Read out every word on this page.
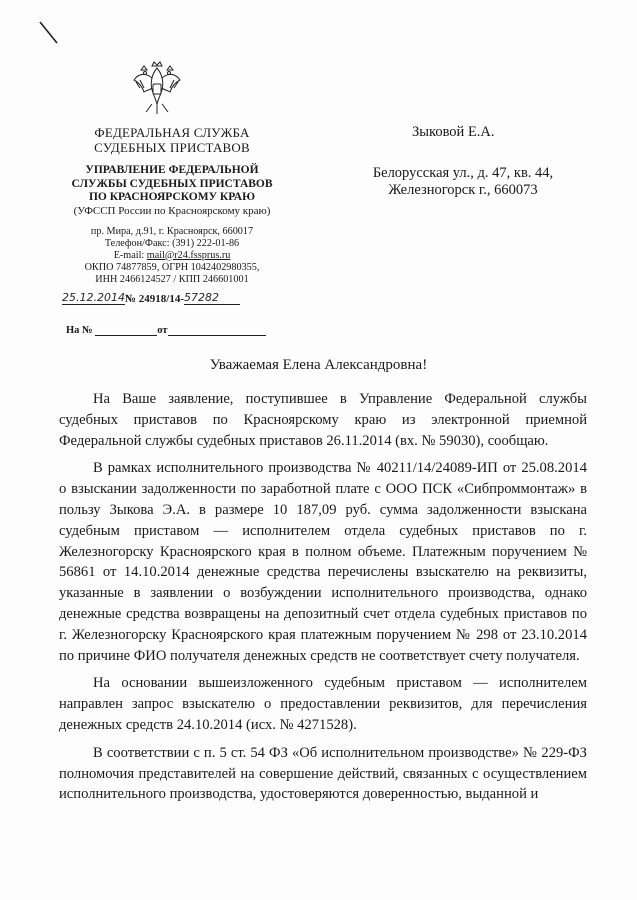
ФЕДЕРАЛЬНАЯ СЛУЖБА
СУДЕБНЫХ ПРИСТАВОВ
УПРАВЛЕНИЕ ФЕДЕРАЛЬНОЙ
СЛУЖБЫ СУДЕБНЫХ ПРИСТАВОВ
ПО КРАСНОЯРСКОМУ КРАЮ
(УФССП России по Красноярскому краю)
пр. Мира, д.91, г. Красноярск, 660017
Телефон/Факс: (391) 222-01-86
E-mail: mail@r24.fssprus.ru
ОКПО 74877859, ОГРН 1042402980355,
ИНН 2466124527 / КПП 246601001
25.12.2014№ 24918/14-57282
На №	от
Зыковой Е.А.
Белорусская ул., д. 47, кв. 44,
Железногорск г., 660073
Уважаемая Елена Александровна!

На Ваше заявление, поступившее в Управление Федеральной службы судебных приставов по Красноярскому краю из электронной приемной Федеральной службы судебных приставов 26.11.2014 (вх. № 59030), сообщаю.

В рамках исполнительного производства № 40211/14/24089-ИП от 25.08.2014 о взыскании задолженности по заработной плате с ООО ПСК «Сибпроммонтаж» в пользу Зыкова Э.А. в размере 10 187,09 руб. сумма задолженности взыскана судебным приставом — исполнителем отдела судебных приставов по г. Железногорску Красноярского края в полном объеме. Платежным поручением № 56861 от 14.10.2014 денежные средства перечислены взыскателю на реквизиты, указанные в заявлении о возбуждении исполнительного производства, однако денежные средства возвращены на депозитный счет отдела судебных приставов по г. Железногорску Красноярского края платежным поручением № 298 от 23.10.2014 по причине ФИО получателя денежных средств не соответствует счету получателя.

На основании вышеизложенного судебным приставом — исполнителем направлен запрос взыскателю о предоставлении реквизитов, для перечисления денежных средств 24.10.2014 (исх. № 4271528).

В соответствии с п. 5 ст. 54 ФЗ «Об исполнительном производстве» № 229-ФЗ полномочия представителей на совершение действий, связанных с осуществлением исполнительного производства, удостоверяются доверенностью, выданной и
